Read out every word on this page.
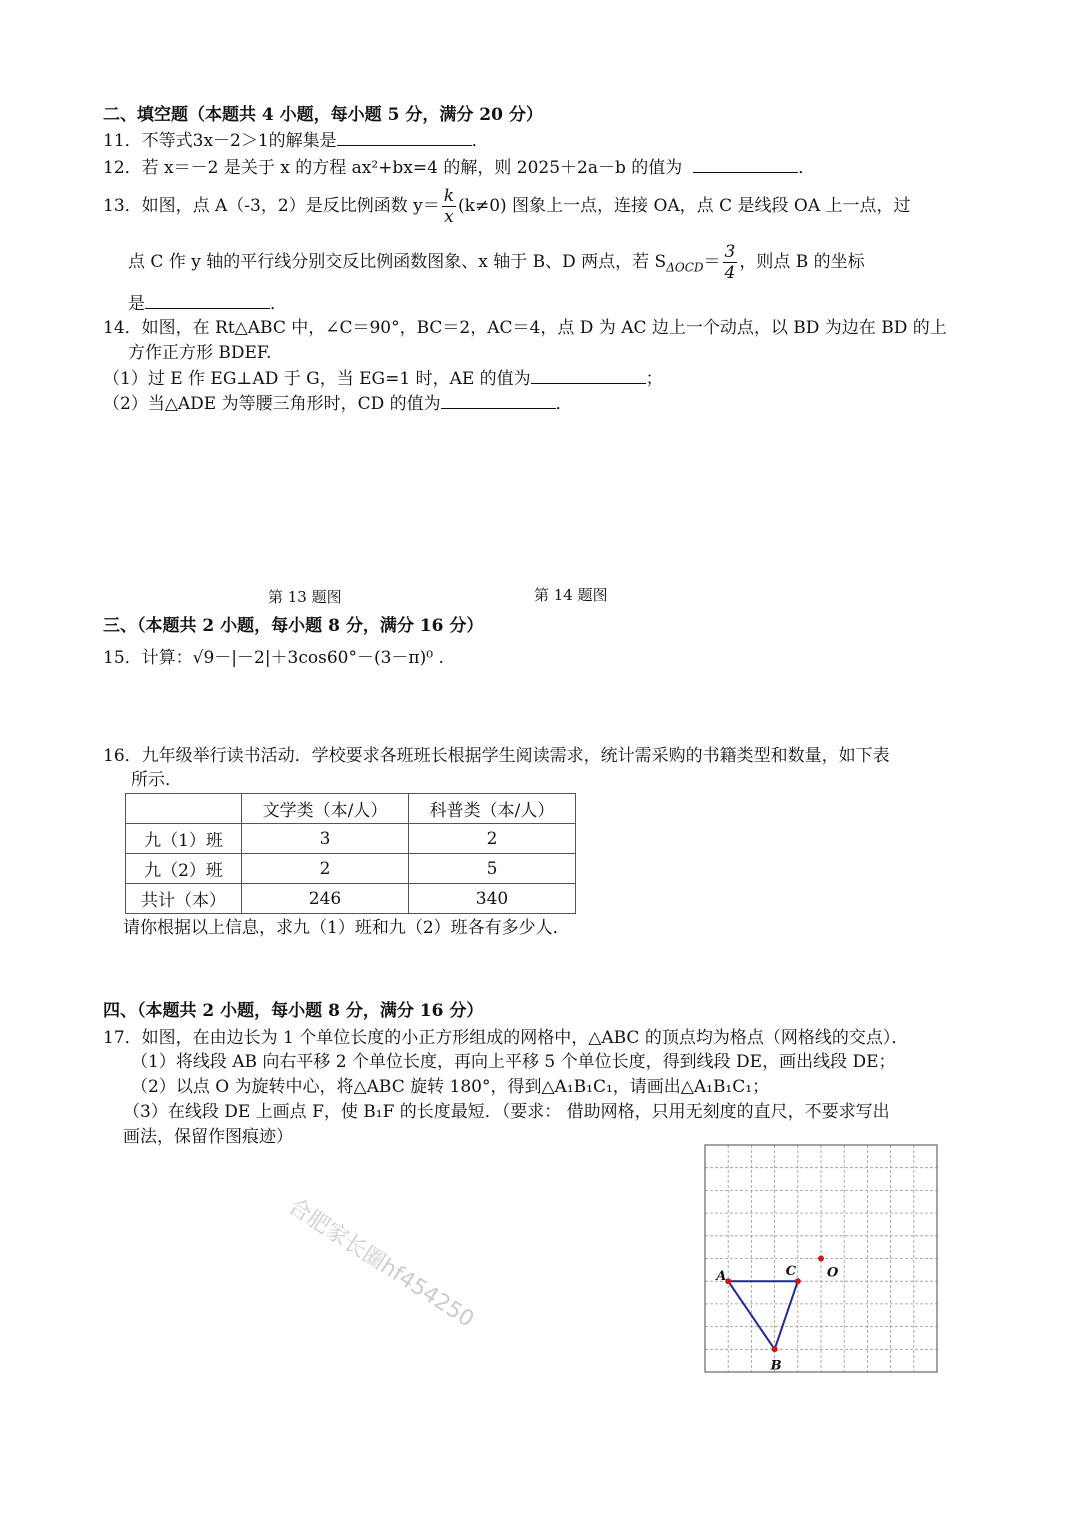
二、填空题（本题共 4 小题，每小题 5 分，满分 20 分）
11．不等式3x－2＞1的解集是	．
12．若 x＝－2 是关于 x 的方程 ax²+bx=4 的解，则 2025＋2a－b 的值为	．
13．如图，点 A（-3，2）是反比例函数 $y= \frac{k}{x} (k\ne 0)$ 图象上一点，连接 OA，点 C 是线段 OA 上一点，过
点 C 作 y 轴的平行线分别交反比例函数图象、x 轴于 B、D 两点，若 $S_{\Delta OCD}= \frac{3}{4}$ ，则点 B 的坐标
是	．
14．如图，在 Rt△ABC 中，∠C＝90°，BC＝2，AC＝4，点 D 为 AC 边上一个动点，以 BD 为边在 BD 的上
方作正方形 BDEF.
（1）过 E 作 EG⊥AD 于 G，当 EG=1 时，AE 的值为	；
（2）当△ADE 为等腰三角形时，CD 的值为	．
B
A
C
D O x
y	A
E
F
D
C	B
第 13 题图	第 14 题图
三、（本题共 2 小题，每小题 8 分，满分 16 分）
15．计算：√9－|－2|＋3cos60°－(3－π)⁰ .
16．九年级举行读书活动．学校要求各班班长根据学生阅读需求，统计需采购的书籍类型和数量，如下表
所示．
	文学类（本/人）	科普类（本/人）
九（1）班	3	2
九（2）班	2	5
共计（本）	246	340
请你根据以上信息，求九（1）班和九（2）班各有多少人．
四、（本题共 2 小题，每小题 8 分，满分 16 分）
17．如图，在由边长为 1 个单位长度的小正方形组成的网格中，△ABC 的顶点均为格点（网格线的交点）．
（1）将线段 AB 向右平移 2 个单位长度，再向上平移 5 个单位长度，得到线段 DE，画出线段 DE；
（2）以点 O 为旋转中心，将△ABC 旋转 180°，得到△A₁B₁C₁，请画出△A₁B₁C₁；
（3）在线段 DE 上画点 F，使 B₁F 的长度最短．（要求： 借助网格，只用无刻度的直尺，不要求写出
画法，保留作图痕迹）
合肥家长圈hf454250	A
B
C O
